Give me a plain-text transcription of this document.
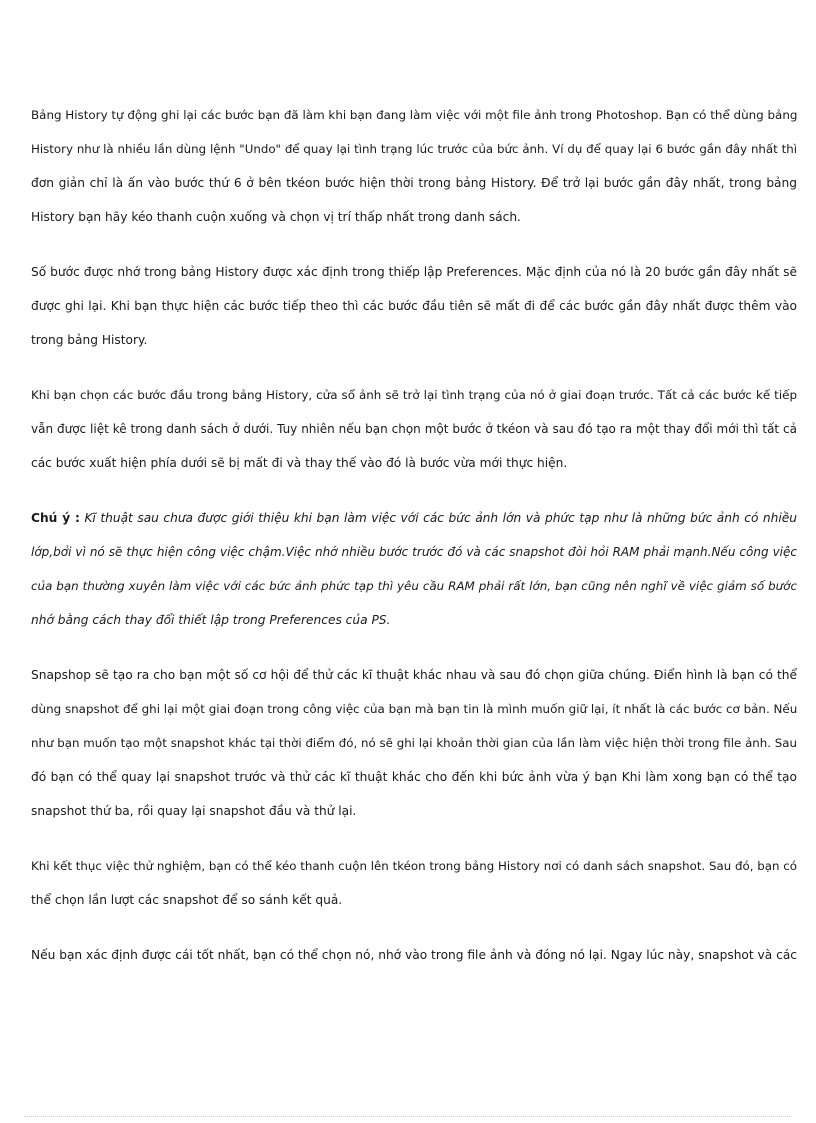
Bảng History tự động ghi lại các bước bạn đã làm khi bạn đang làm việc với một file ảnh trong Photoshop. Bạn có thể dùng bảng
History như là nhiều lần dùng lệnh "Undo" để quay lại tình trạng lúc trước của bức ảnh. Ví dụ để quay lại 6 bước gần đây nhất thì
đơn giản chỉ là ấn vào bước thứ 6 ở bên tkéon bước hiện thời trong bảng History. Để trở lại bước gần đây nhất, trong bảng
History bạn hãy kéo thanh cuộn xuống và chọn vị trí thấp nhất trong danh sách.

Số bước được nhớ trong bảng History được xác định trong thiếp lập Preferences. Mặc định của nó là 20 bước gần đây nhất sẽ
được ghi lại. Khi bạn thực hiện các bước tiếp theo thì các bước đầu tiên sẽ mất đi để các bước gần đây nhất được thêm vào
trong bảng History.

Khi bạn chọn các bước đầu trong bảng History, cửa sổ ảnh sẽ trở lại tình trạng của nó ở giai đoạn trước. Tất cả các bước kế tiếp
vẫn được liệt kê trong danh sách ở dưới. Tuy nhiên nếu bạn chọn một bước ở tkéon và sau đó tạo ra một thay đổi mới thì tất cả
các bước xuất hiện phía dưới sẽ bị mất đi và thay thế vào đó là bước vừa mới thực hiện.

Chú ý : Kĩ thuật sau chưa được giới thiệu khi bạn làm việc với các bức ảnh lớn và phức tạp như là những bức ảnh có nhiều
lớp,bởi vì nó sẽ thực hiện công việc chậm.Việc nhớ nhiều bước trước đó và các snapshot đòi hỏi RAM phải mạnh.Nếu công việc
của bạn thường xuyên làm việc với các bức ảnh phức tạp thì yêu cầu RAM phải rất lớn, bạn cũng nên nghĩ về việc giảm số bước
nhớ bằng cách thay đổi thiết lập trong Preferences của PS.

Snapshop sẽ tạo ra cho bạn một số cơ hội để thử các kĩ thuật khác nhau và sau đó chọn giữa chúng. Điển hình là bạn có thể
dùng snapshot để ghi lại một giai đoạn trong công việc của bạn mà bạn tin là mình muốn giữ lại, ít nhất là các bước cơ bản. Nếu
như bạn muốn tạo một snapshot khác tại thời điểm đó, nó sẽ ghi lại khoản thời gian của lần làm việc hiện thời trong file ảnh. Sau
đó bạn có thể quay lại snapshot trước và thử các kĩ thuật khác cho đến khi bức ảnh vừa ý bạn Khi làm xong bạn có thể tạo
snapshot thứ ba, rồi quay lại snapshot đầu và thử lại.

Khi kết thục việc thử nghiệm, bạn có thể kéo thanh cuộn lên tkéon trong bảng History nơi có danh sách snapshot. Sau đó, bạn có
thể chọn lần lượt các snapshot để so sánh kết quả.

Nếu bạn xác định được cái tốt nhất, bạn có thể chọn nó, nhớ vào trong file ảnh và đóng nó lại. Ngay lúc này, snapshot và các
